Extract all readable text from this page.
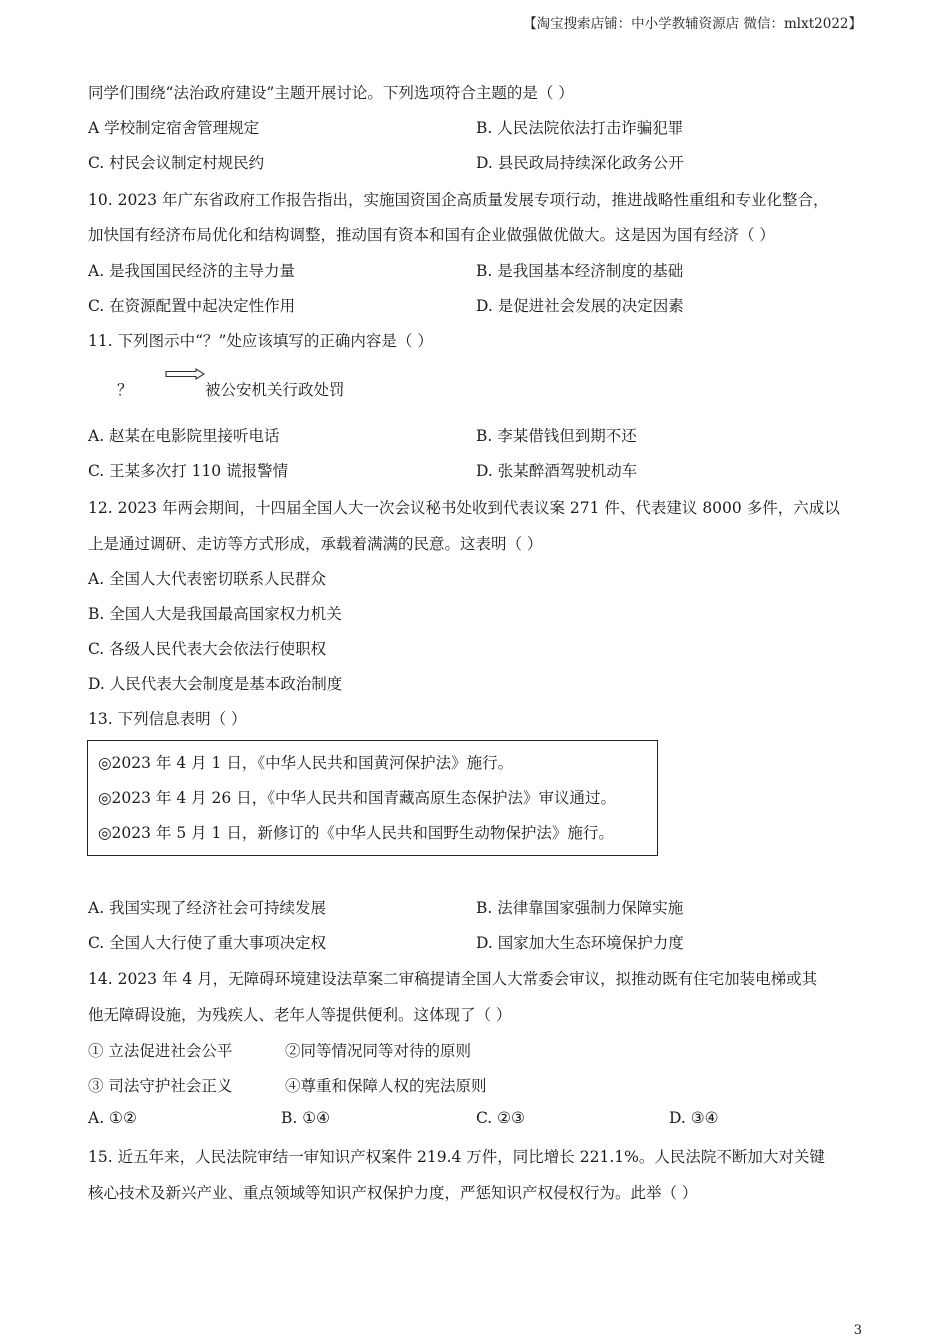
【淘宝搜索店铺：中小学教辅资源店 微信：mlxt2022】
同学们围绕“法治政府建设”主题开展讨论。下列选项符合主题的是（ ）
A 学校制定宿舍管理规定	B. 人民法院依法打击诈骗犯罪
C. 村民会议制定村规民约	D. 县民政局持续深化政务公开
10. 2023 年广东省政府工作报告指出，实施国资国企高质量发展专项行动，推进战略性重组和专业化整合，
加快国有经济布局优化和结构调整，推动国有资本和国有企业做强做优做大。这是因为国有经济（ ）
A. 是我国国民经济的主导力量	B. 是我国基本经济制度的基础
C. 在资源配置中起决定性作用	D. 是促进社会发展的决定因素
11. 下列图示中“？”处应该填写的正确内容是（ ）
？	被公安机关行政处罚
A. 赵某在电影院里接听电话	B. 李某借钱但到期不还
C. 王某多次打 110 谎报警情	D. 张某醉酒驾驶机动车
12. 2023 年两会期间，十四届全国人大一次会议秘书处收到代表议案 271 件、代表建议 8000 多件，六成以
上是通过调研、走访等方式形成，承载着满满的民意。这表明（ ）
A. 全国人大代表密切联系人民群众
B. 全国人大是我国最高国家权力机关
C. 各级人民代表大会依法行使职权
D. 人民代表大会制度是基本政治制度
13. 下列信息表明（ ）
◎2023 年 4 月 1 日，《中华人民共和国黄河保护法》施行。
◎2023 年 4 月 26 日，《中华人民共和国青藏高原生态保护法》审议通过。
◎2023 年 5 月 1 日，新修订的《中华人民共和国野生动物保护法》施行。
A. 我国实现了经济社会可持续发展	B. 法律靠国家强制力保障实施
C. 全国人大行使了重大事项决定权	D. 国家加大生态环境保护力度
14. 2023 年 4 月，无障碍环境建设法草案二审稿提请全国人大常委会审议，拟推动既有住宅加装电梯或其
他无障碍设施，为残疾人、老年人等提供便利。这体现了（ ）
① 立法促进社会公平	②同等情况同等对待的原则
③ 司法守护社会正义	④尊重和保障人权的宪法原则
A. ①②	B. ①④	C. ②③	D. ③④
15. 近五年来，人民法院审结一审知识产权案件 219.4 万件，同比增长 221.1%。人民法院不断加大对关键
核心技术及新兴产业、重点领域等知识产权保护力度，严惩知识产权侵权行为。此举（ ）
3
